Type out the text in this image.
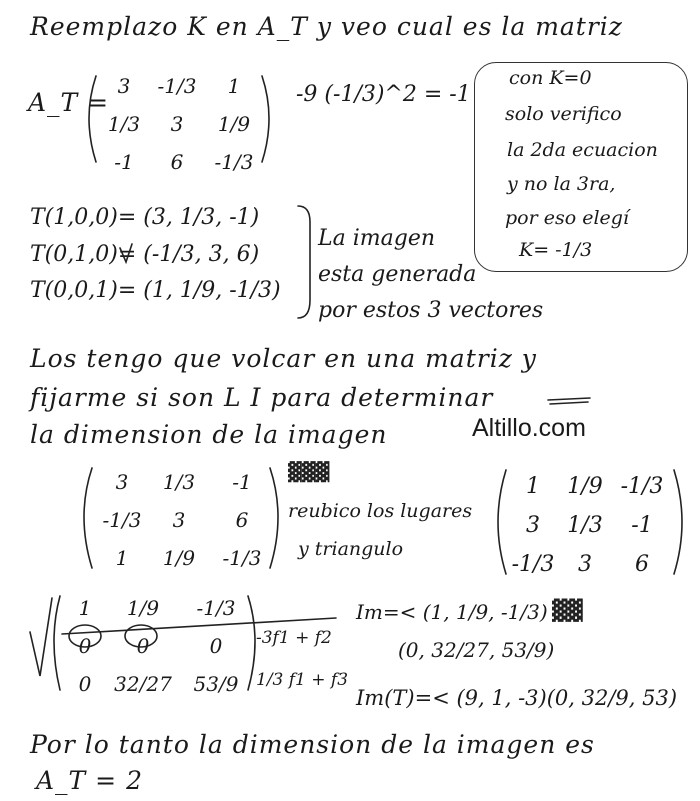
Reemplazo K en A_T y veo cual es la matriz
A_T =
3	-1/3	1
1/3	3	1/9
-1	6	-1/3
-9 (-1/3)^2 = -1
con K=0
solo verifico
la 2da ecuacion
y no la 3ra,
por eso elegí
K= -1/3
T(1,0,0)= (3, 1/3, -1)
T(0,1,0)= (-1/3, 3, 6)
T(0,0,1)= (1, 1/9, -1/3)
La imagen
esta generada
por estos 3 vectores
Los tengo que volcar en una matriz y
fijarme si son L I para determinar
la dimension de la imagen	Altillo.com
3	1/3	-1
-1/3	3	6
1	1/9	-1/3
▓▓▓
reubico los lugares
y triangulo
1	1/9 -1/3
3	1/3	-1
-1/3	3	6
1	1/9	-1/3
0	0	0
0	32/27	53/9
-3f1 + f2
1/3 f1 + f3
Im=< (1, 1/9, -1/3) ▓▓
(0, 32/27, 53/9)
Im(T)=< (9, 1, -3)(0, 32/9, 53)
Por lo tanto la dimension de la imagen es
A_T = 2
